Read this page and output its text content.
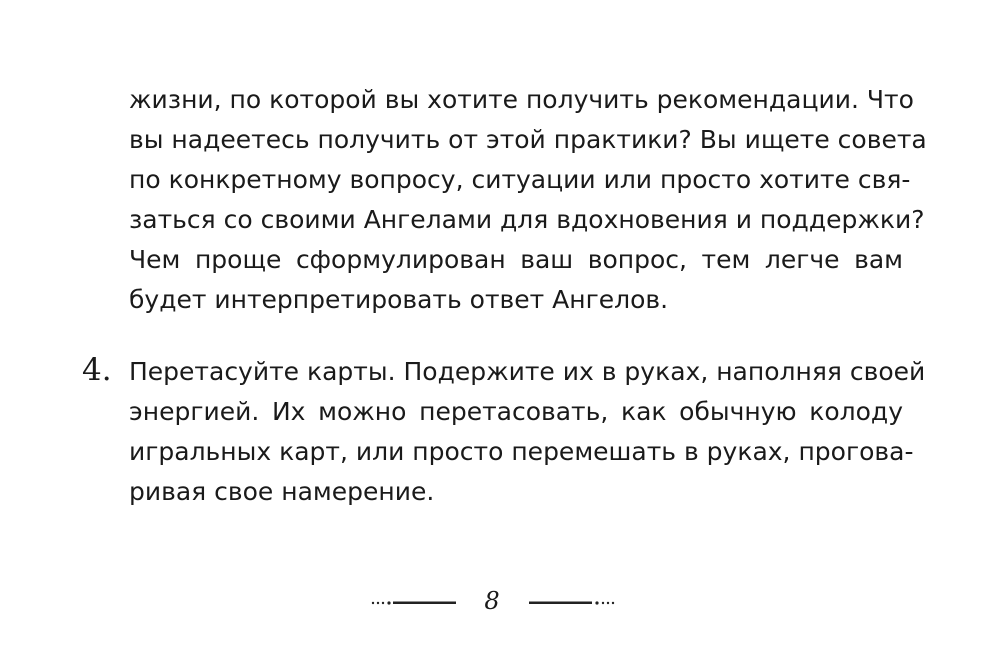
жизни, по которой вы хотите получить рекомендации. Что
вы надеетесь получить от этой практики? Вы ищете совета
по конкретному вопросу, ситуации или просто хотите свя-
заться со своими Ангелами для вдохновения и поддержки?
Чем проще сформулирован ваш вопрос, тем легче вам
будет интерпретировать ответ Ангелов.
4. Перетасуйте карты. Подержите их в руках, наполняя своей
энергией. Их можно перетасовать, как обычную колоду
игральных карт, или просто перемешать в руках, прогова-
ривая свое намерение.
8
